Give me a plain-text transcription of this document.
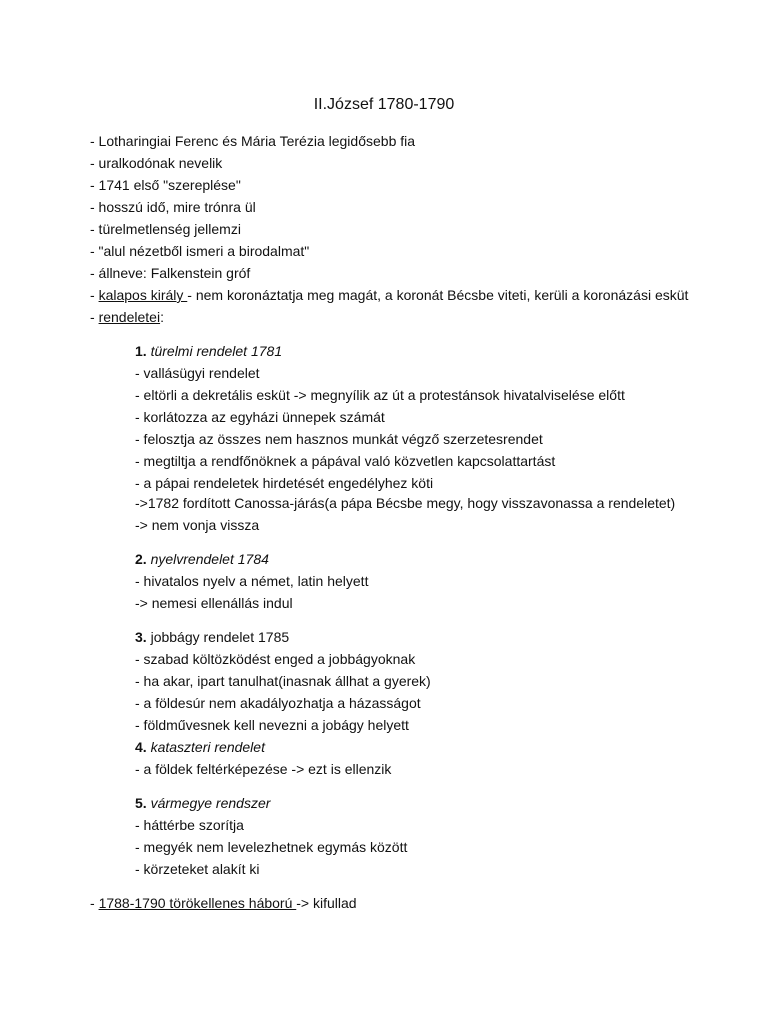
II.József 1780-1790
- Lotharingiai Ferenc és Mária Terézia legidősebb fia
- uralkodónak nevelik
- 1741 első "szereplése"
- hosszú idő, mire trónra ül
- türelmetlenség jellemzi
- "alul nézetből ismeri a birodalmat"
- állneve: Falkenstein gróf
- kalapos király - nem koronáztatja meg magát, a koronát Bécsbe viteti, kerüli a koronázási esküt
- rendeletei:
1. türelmi rendelet 1781
- vallásügyi rendelet
- eltörli a dekretális esküt -> megnyílik az út a protestánsok hivatalviselése előtt
- korlátozza az egyházi ünnepek számát
- felosztja az összes nem hasznos munkát végző szerzetesrendet
- megtiltja a rendfőnöknek a pápával való közvetlen kapcsolattartást
- a pápai rendeletek hirdetését engedélyhez köti
->1782 fordított Canossa-járás(a pápa Bécsbe megy, hogy visszavonassa a rendeletet)
-> nem vonja vissza
2. nyelvrendelet 1784
- hivatalos nyelv a német, latin helyett
-> nemesi ellenállás indul
3. jobbágy rendelet 1785
- szabad költözködést enged a jobbágyoknak
- ha akar, ipart tanulhat(inasnak állhat a gyerek)
- a földesúr nem akadályozhatja a házasságot
- földművesnek kell nevezni a jobágy helyett
4. kataszteri rendelet
- a földek feltérképezése -> ezt is ellenzik
5. vármegye rendszer
- háttérbe szorítja
- megyék nem levelezhetnek egymás között
- körzeteket alakít ki
- 1788-1790 törökellenes háború -> kifullad
